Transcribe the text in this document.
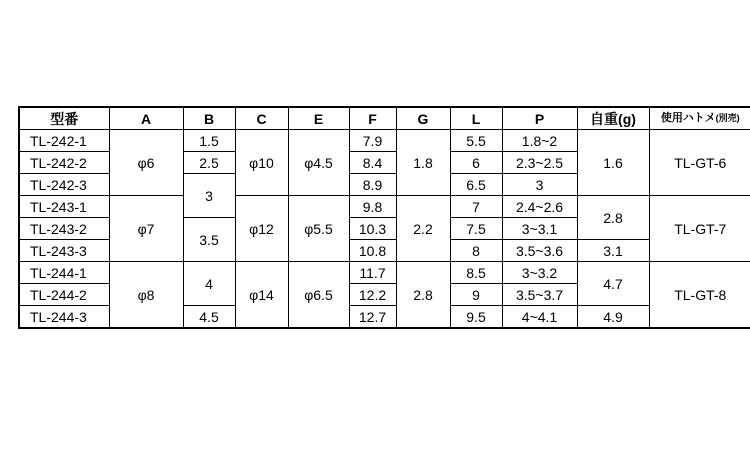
型番	A	B	C	E	F	G	L	P	自重(g)	使用ハトメ(別売)
TL-242-1	φ6	1.5	φ10	φ4.5	7.9	1.8	5.5	1.8~2	1.6	TL-GT-6
TL-242-2		2.5			8.4		6	2.3~2.5		
TL-242-3		3			8.9		6.5	3		
TL-243-1	φ7		φ12	φ5.5	9.8	2.2	7	2.4~2.6	2.8	TL-GT-7
TL-243-2		3.5			10.3		7.5	3~3.1		
TL-243-3					10.8		8	3.5~3.6	3.1	
TL-244-1	φ8	4	φ14	φ6.5	11.7	2.8	8.5	3~3.2	4.7	TL-GT-8
TL-244-2					12.2		9	3.5~3.7		
TL-244-3		4.5			12.7		9.5	4~4.1	4.9	
